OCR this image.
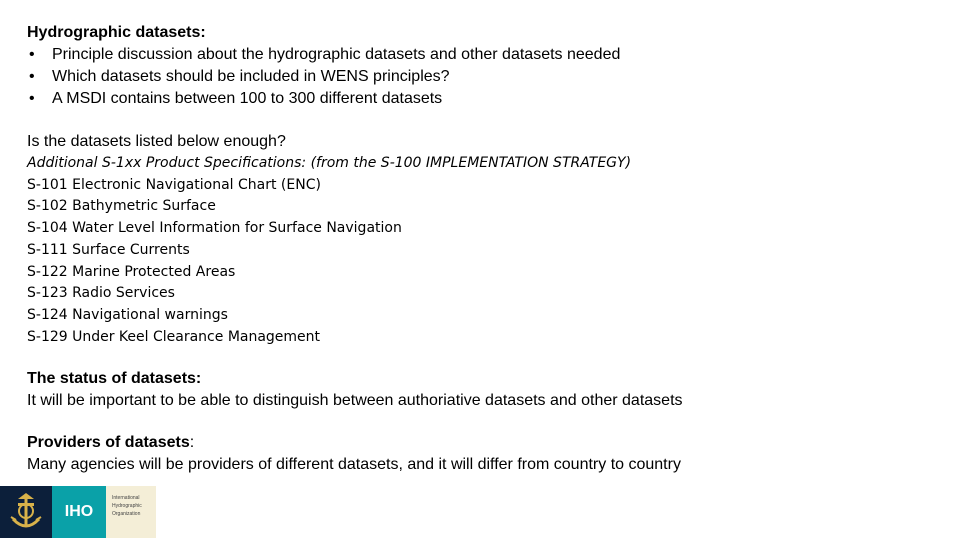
Hydrographic datasets:
•	Principle discussion about the hydrographic datasets and other datasets needed
•	Which datasets should be included in WENS principles?
•	A MSDI contains between 100 to 300 different datasets
Is the datasets listed below enough?
Additional S-1xx Product Specifications: (from the S-100 IMPLEMENTATION STRATEGY)
S-101 Electronic Navigational Chart (ENC)
S-102 Bathymetric Surface
S-104 Water Level Information for Surface Navigation
S-111 Surface Currents
S-122 Marine Protected Areas
S-123 Radio Services
S-124 Navigational warnings
S-129 Under Keel Clearance Management
The status of datasets:
It will be important to be able to distinguish between authoriative datasets and other datasets
Providers of datasets:
Many agencies will be providers of different datasets, and it will differ from country to country
IHO
International
Hydrographic
Organization
